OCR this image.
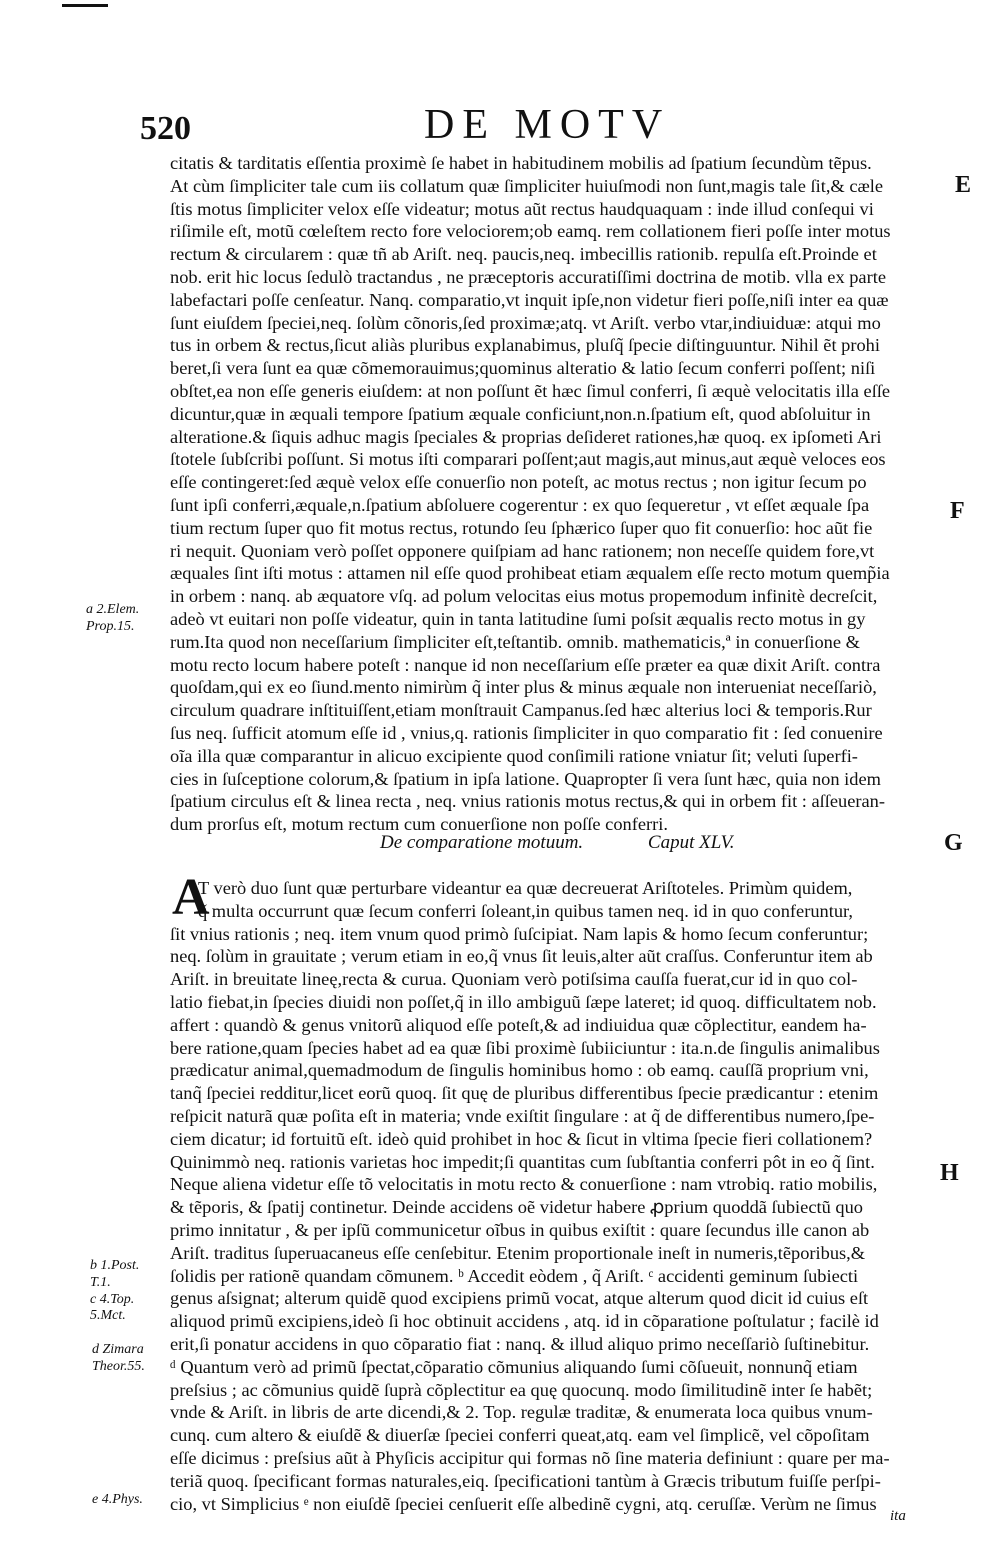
520	DE MOTV
E
F
G
H
a 2.Elem.
Prop.15.
b 1.Post.
T.1.
c 4.Top.
5.Mct.
d Zimara
Theor.55.
e 4.Phys.
citatis & tarditatis eſſentia proximè ſe habet in habitudinem mobilis ad ſpatium ſecundùm tẽpus.
At cùm ſimpliciter tale cum iis collatum quæ ſimpliciter huiuſmodi non ſunt,magis tale ſit,& cæle
ſtis motus ſimpliciter velox eſſe videatur; motus aũt rectus haudquaquam : inde illud conſequi vi
riſimile eſt, motũ cœleſtem recto fore velociorem;ob eamq. rem collationem fieri poſſe inter motus
rectum & circularem : quæ tñ ab Ariſt. neq. paucis,neq. imbecillis rationib. repulſa eſt.Proinde et
nob. erit hic locus ſedulò tractandus , ne præceptoris accuratiſſimi doctrina de motib. vlla ex parte
labefactari poſſe cenſeatur. Nanq. comparatio,vt inquit ipſe,non videtur fieri poſſe,niſi inter ea quæ
ſunt eiuſdem ſpeciei,neq. ſolùm cõnoris,ſed proximæ;atq. vt Ariſt. verbo vtar,indiuiduæ: atqui mo
tus in orbem & rectus,ſicut aliàs pluribus explanabimus, pluſq̃ ſpecie diſtinguuntur. Nihil ẽt prohi
beret,ſi vera ſunt ea quæ cõmemorauimus;quominus alteratio & latio ſecum conferri poſſent; niſi
obſtet,ea non eſſe generis eiuſdem: at non poſſunt ẽt hæc ſimul conferri, ſi æquè velocitatis illa eſſe
dicuntur,quæ in æquali tempore ſpatium æquale conficiunt,non.n.ſpatium eſt, quod abſoluitur in
alteratione.& ſiquis adhuc magis ſpeciales & proprias deſideret rationes,hæ quoq. ex ipſometi Ari
ſtotele ſubſcribi poſſunt. Si motus iſti comparari poſſent;aut magis,aut minus,aut æquè veloces eos
eſſe contingeret:ſed æquè velox eſſe conuerſio non poteſt, ac motus rectus ; non igitur ſecum po
ſunt ipſi conferri,æquale,n.ſpatium abſoluere cogerentur : ex quo ſequeretur , vt eſſet æquale ſpa
tium rectum ſuper quo fit motus rectus, rotundo ſeu ſphærico ſuper quo fit conuerſio: hoc aũt fie
ri nequit. Quoniam verò poſſet opponere quiſpiam ad hanc rationem; non neceſſe quidem fore,vt
æquales ſint iſti motus : attamen nil eſſe quod prohibeat etiam æqualem eſſe recto motum quemp̃ia
in orbem : nanq. ab æquatore vſq. ad polum velocitas eius motus propemodum infinitè decreſcit,
adeò vt euitari non poſſe videatur, quin in tanta latitudine ſumi poſsit æqualis recto motus in gy
rum.Ita quod non neceſſarium ſimpliciter eſt,teſtantib. omnib. mathematicis,ª in conuerſione &
motu recto locum habere poteſt : nanque id non neceſſarium eſſe præter ea quæ dixit Ariſt. contra
quoſdam,qui ex eo ſiund.mento nimirùm q̃ inter plus & minus æquale non interueniat neceſſariò,
circulum quadrare inſtituiſſent,etiam monſtrauit Campanus.ſed hæc alterius loci & temporis.Rur
ſus neq. ſufficit atomum eſſe id , vnius,q. rationis ſimpliciter in quo comparatio fit : ſed conuenire
oĩa illa quæ comparantur in alicuo excipiente quod conſimili ratione vniatur ſit; veluti ſuperfi-
cies in ſuſceptione colorum,& ſpatium in ipſa latione. Quapropter ſi vera ſunt hæc, quia non idem
ſpatium circulus eſt & linea recta , neq. vnius rationis motus rectus,& qui in orbem fit : aſſeueran-
dum prorſus eſt, motum rectum cum conuerſione non poſſe conferri.
De comparatione motuum.	Caput XLV.
A
T verò duo ſunt quæ perturbare videantur ea quæ decreuerat Ariſtoteles. Primùm quidem,
q̃ multa occurrunt quæ ſecum conferri ſoleant,in quibus tamen neq. id in quo conferuntur,
ſit vnius rationis ; neq. item vnum quod primò ſuſcipiat. Nam lapis & homo ſecum conferuntur;
neq. ſolùm in grauitate ; verum etiam in eo,q̃ vnus ſit leuis,alter aũt craſſus. Conferuntur item ab
Ariſt. in breuitate lineę,recta & curua. Quoniam verò potiſsima cauſſa fuerat,cur id in quo col-
latio fiebat,in ſpecies diuidi non poſſet,q̃ in illo ambiguũ ſæpe lateret; id quoq. difficultatem nob.
affert : quandò & genus vnitorũ aliquod eſſe poteſt,& ad indiuidua quæ cõplectitur, eandem ha-
bere ratione,quam ſpecies habet ad ea quæ ſibi proximè ſubiiciuntur : ita.n.de ſingulis animalibus
prædicatur animal,quemadmodum de ſingulis hominibus homo : ob eamq. cauſſã proprium vni,
tanq̃ ſpeciei redditur,licet eorũ quoq. ſit quę de pluribus differentibus ſpecie prædicantur : etenim
reſpicit naturã quæ poſita eſt in materia; vnde exiſtit ſingulare : at q̃ de differentibus numero,ſpe-
ciem dicatur; id fortuitũ eſt. ideò quid prohibet in hoc & ſicut in vltima ſpecie fieri collationem?
Quinimmò neq. rationis varietas hoc impedit;ſi quantitas cum ſubſtantia conferri pôt in eo q̃ ſint.
Neque aliena videtur eſſe tõ velocitatis in motu recto & conuerſione : nam vtrobiq. ratio mobilis,
& tẽporis, & ſpatij continetur. Deinde accidens oẽ videtur habere ꝓprium quoddã ſubiectũ quo
primo innitatur , & per ipſũ communicetur oĩbus in quibus exiſtit : quare ſecundus ille canon ab
Ariſt. traditus ſuperuacaneus eſſe cenſebitur. Etenim proportionale ineſt in numeris,tẽporibus,&
ſolidis per rationẽ quandam cõmunem. ᵇ Accedit eòdem , q̃ Ariſt. ᶜ accidenti geminum ſubiecti
genus aſsignat; alterum quidẽ quod excipiens primũ vocat, atque alterum quod dicit id cuius eſt
aliquod primũ excipiens,ideò ſi hoc obtinuit accidens , atq. id in cõparatione poſtulatur ; facilè id
erit,ſi ponatur accidens in quo cõparatio fiat : nanq. & illud aliquo primo neceſſariò ſuſtinebitur.
ᵈ Quantum verò ad primũ ſpectat,cõparatio cõmunius aliquando ſumi cõſueuit, nonnunq̃ etiam
preſsius ; ac cõmunius quidẽ ſuprà cõplectitur ea quę quocunq. modo ſimilitudinẽ inter ſe habẽt;
vnde & Ariſt. in libris de arte dicendi,& 2. Top. regulæ traditæ, & enumerata loca quibus vnum-
cunq. cum altero & eiuſdẽ & diuerſæ ſpeciei conferri queat,atq. eam vel ſimplicẽ, vel cõpoſitam
eſſe dicimus : preſsius aũt à Phyſicis accipitur qui formas nõ ſine materia definiunt : quare per ma-
teriã quoq. ſpecificant formas naturales,eiq. ſpecificationi tantùm à Græcis tributum fuiſſe perſpi-
cio, vt Simplicius ᵉ non eiuſdẽ ſpeciei cenſuerit eſſe albedinẽ cygni, atq. ceruſſæ. Verùm ne ſimus
ita
